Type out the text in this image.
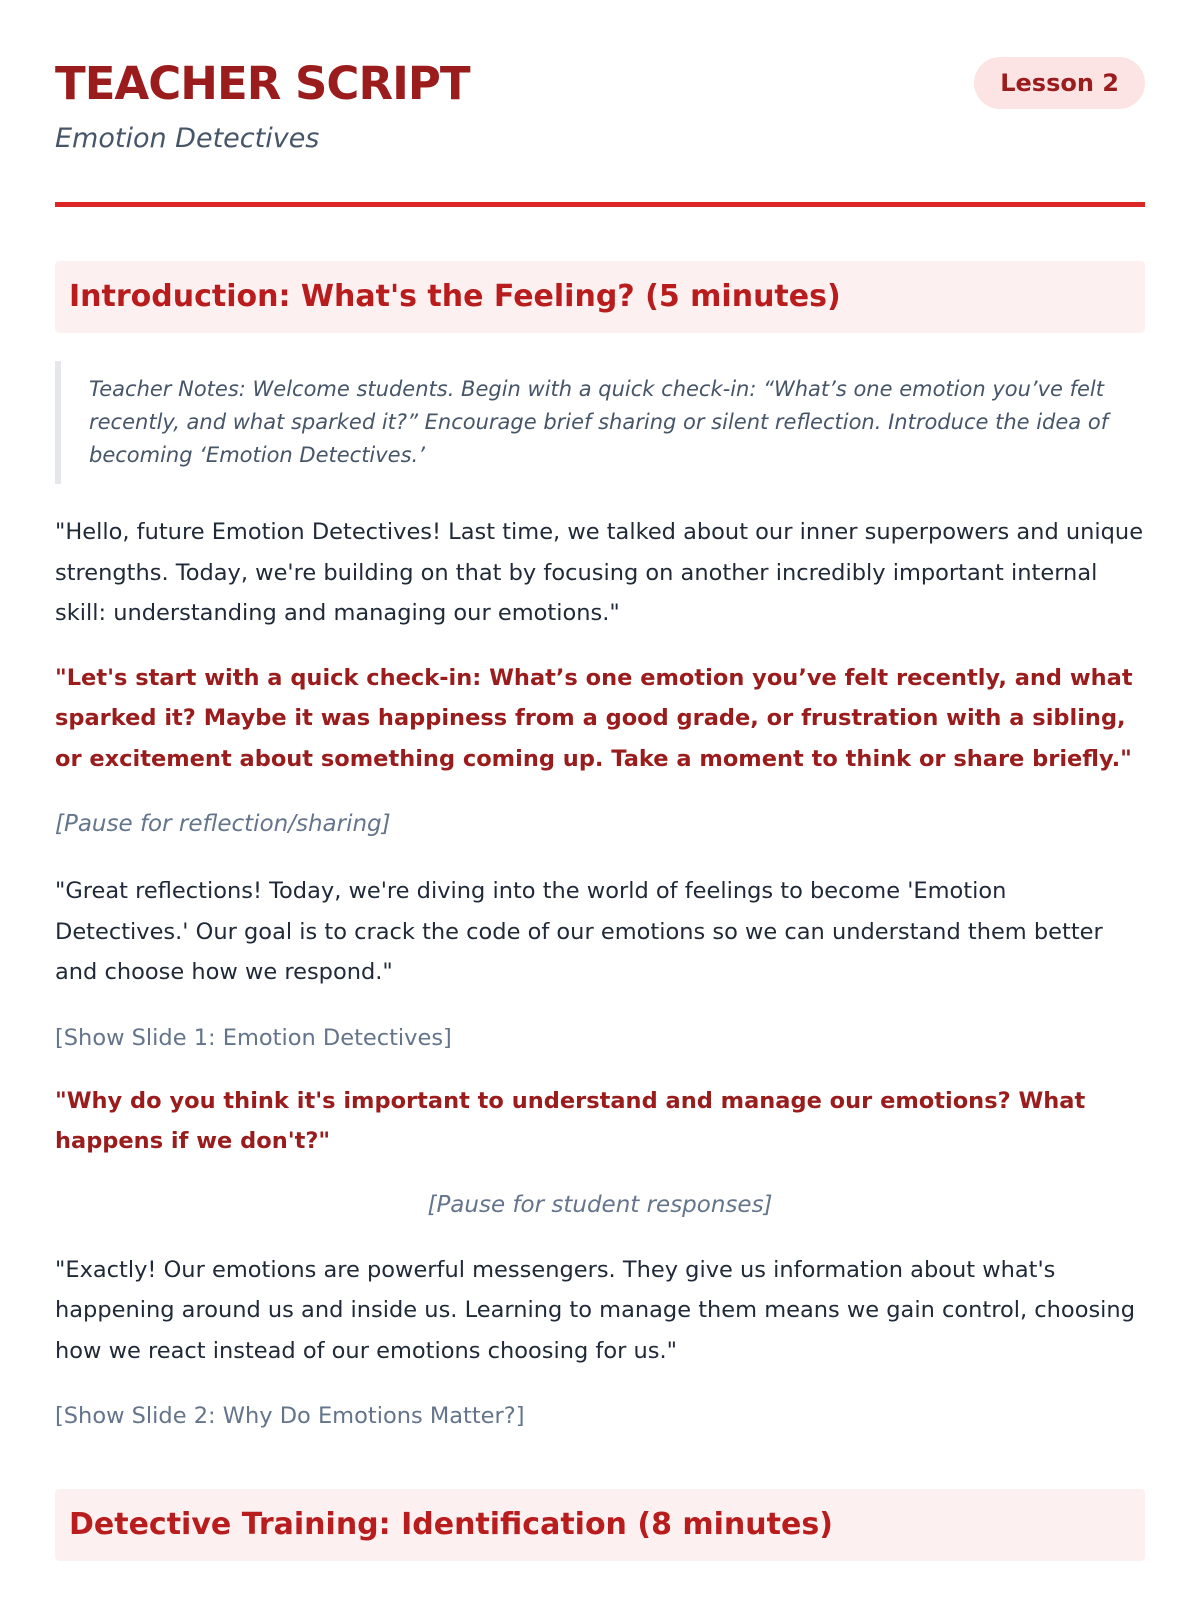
TEACHER SCRIPT
Emotion Detectives
Lesson 2
Introduction: What's the Feeling? (5 minutes)
Teacher Notes: Welcome students. Begin with a quick check-in: “What’s one emotion you’ve felt recently, and what sparked it?” Encourage brief sharing or silent reflection. Introduce the idea of becoming ‘Emotion Detectives.’

"Hello, future Emotion Detectives! Last time, we talked about our inner superpowers and unique strengths. Today, we're building on that by focusing on another incredibly important internal skill: understanding and managing our emotions."

"Let's start with a quick check-in: What’s one emotion you’ve felt recently, and what sparked it? Maybe it was happiness from a good grade, or frustration with a sibling, or excitement about something coming up. Take a moment to think or share briefly."

[Pause for reflection/sharing]

"Great reflections! Today, we're diving into the world of feelings to become 'Emotion Detectives.' Our goal is to crack the code of our emotions so we can understand them better and choose how we respond."

[Show Slide 1: Emotion Detectives]

"Why do you think it's important to understand and manage our emotions? What happens if we don't?"

[Pause for student responses]

"Exactly! Our emotions are powerful messengers. They give us information about what's happening around us and inside us. Learning to manage them means we gain control, choosing how we react instead of our emotions choosing for us."

[Show Slide 2: Why Do Emotions Matter?]

Detective Training: Identification (8 minutes)
